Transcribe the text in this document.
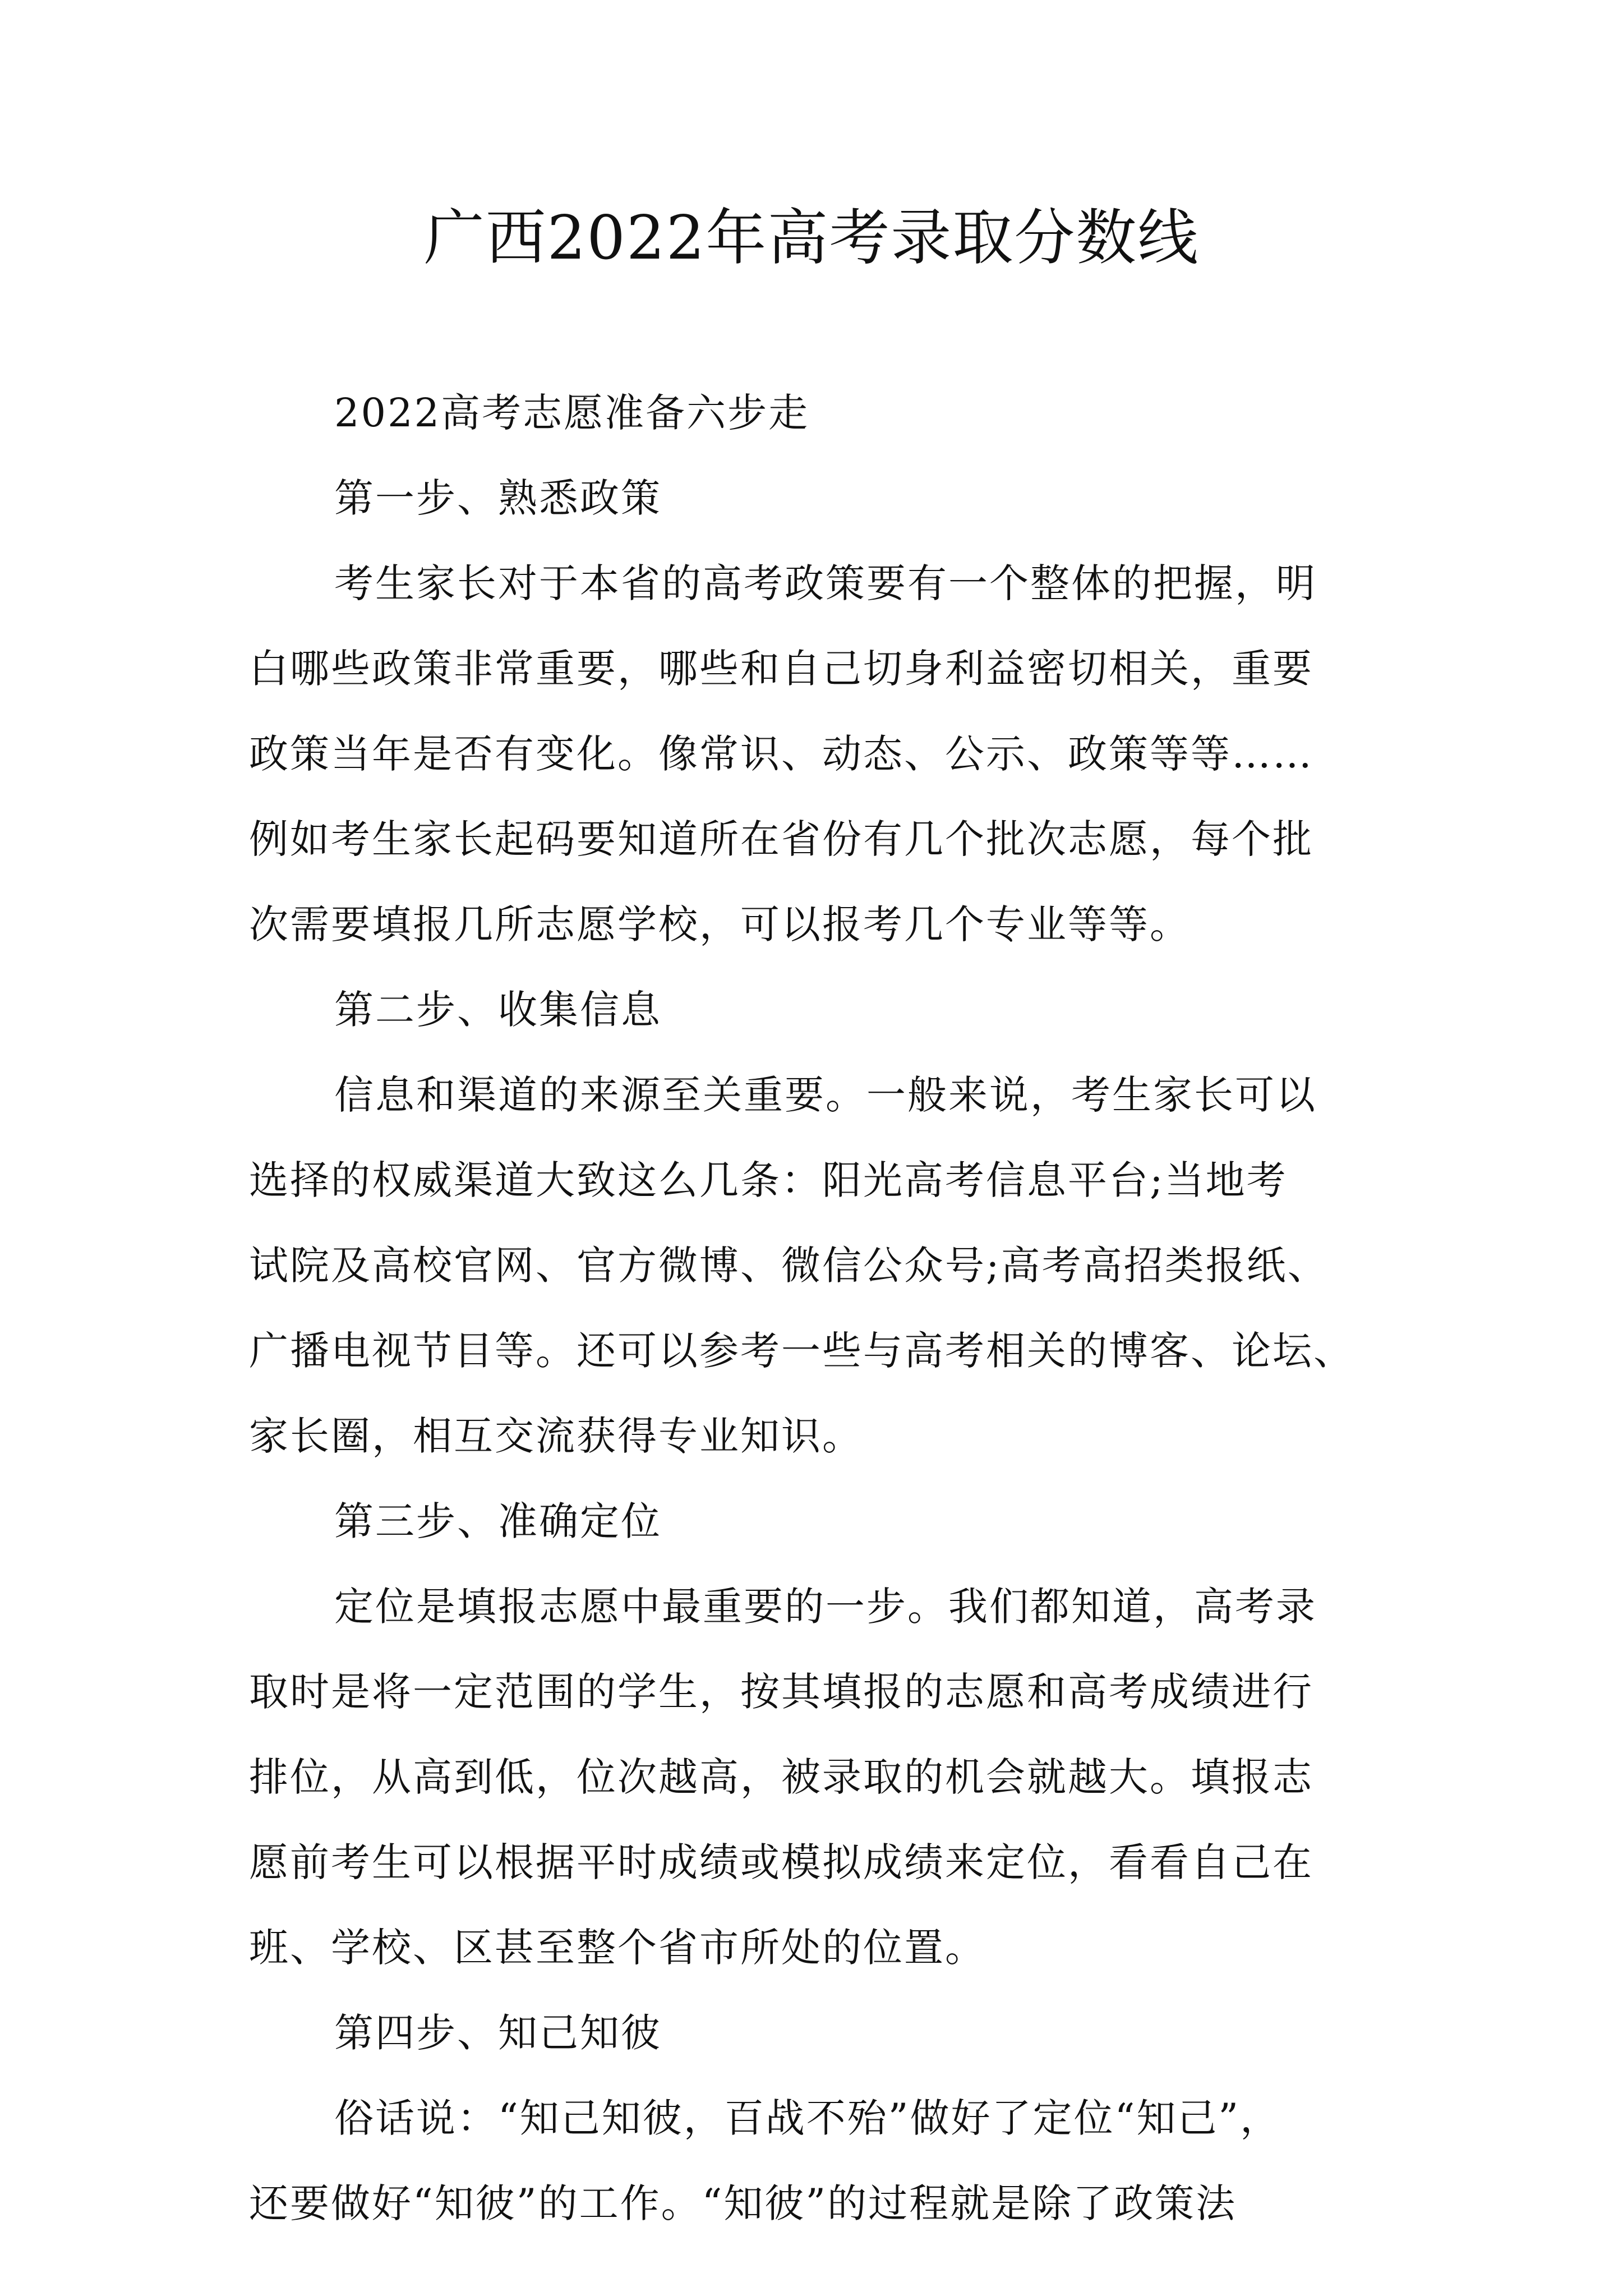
广西2022年高考录取分数线
2022高考志愿准备六步走
第一步、熟悉政策
考生家长对于本省的高考政策要有一个整体的把握，明
白哪些政策非常重要，哪些和自己切身利益密切相关，重要
政策当年是否有变化。像常识、动态、公示、政策等等……
例如考生家长起码要知道所在省份有几个批次志愿，每个批
次需要填报几所志愿学校，可以报考几个专业等等。
第二步、收集信息
信息和渠道的来源至关重要。一般来说，考生家长可以
选择的权威渠道大致这么几条：阳光高考信息平台;当地考
试院及高校官网、官方微博、微信公众号;高考高招类报纸、
广播电视节目等。还可以参考一些与高考相关的博客、论坛、
家长圈，相互交流获得专业知识。
第三步、准确定位
定位是填报志愿中最重要的一步。我们都知道，高考录
取时是将一定范围的学生，按其填报的志愿和高考成绩进行
排位，从高到低，位次越高，被录取的机会就越大。填报志
愿前考生可以根据平时成绩或模拟成绩来定位，看看自己在
班、学校、区甚至整个省市所处的位置。
第四步、知己知彼
俗话说：“知己知彼，百战不殆”做好了定位“知己”，
还要做好“知彼”的工作。“知彼”的过程就是除了政策法
